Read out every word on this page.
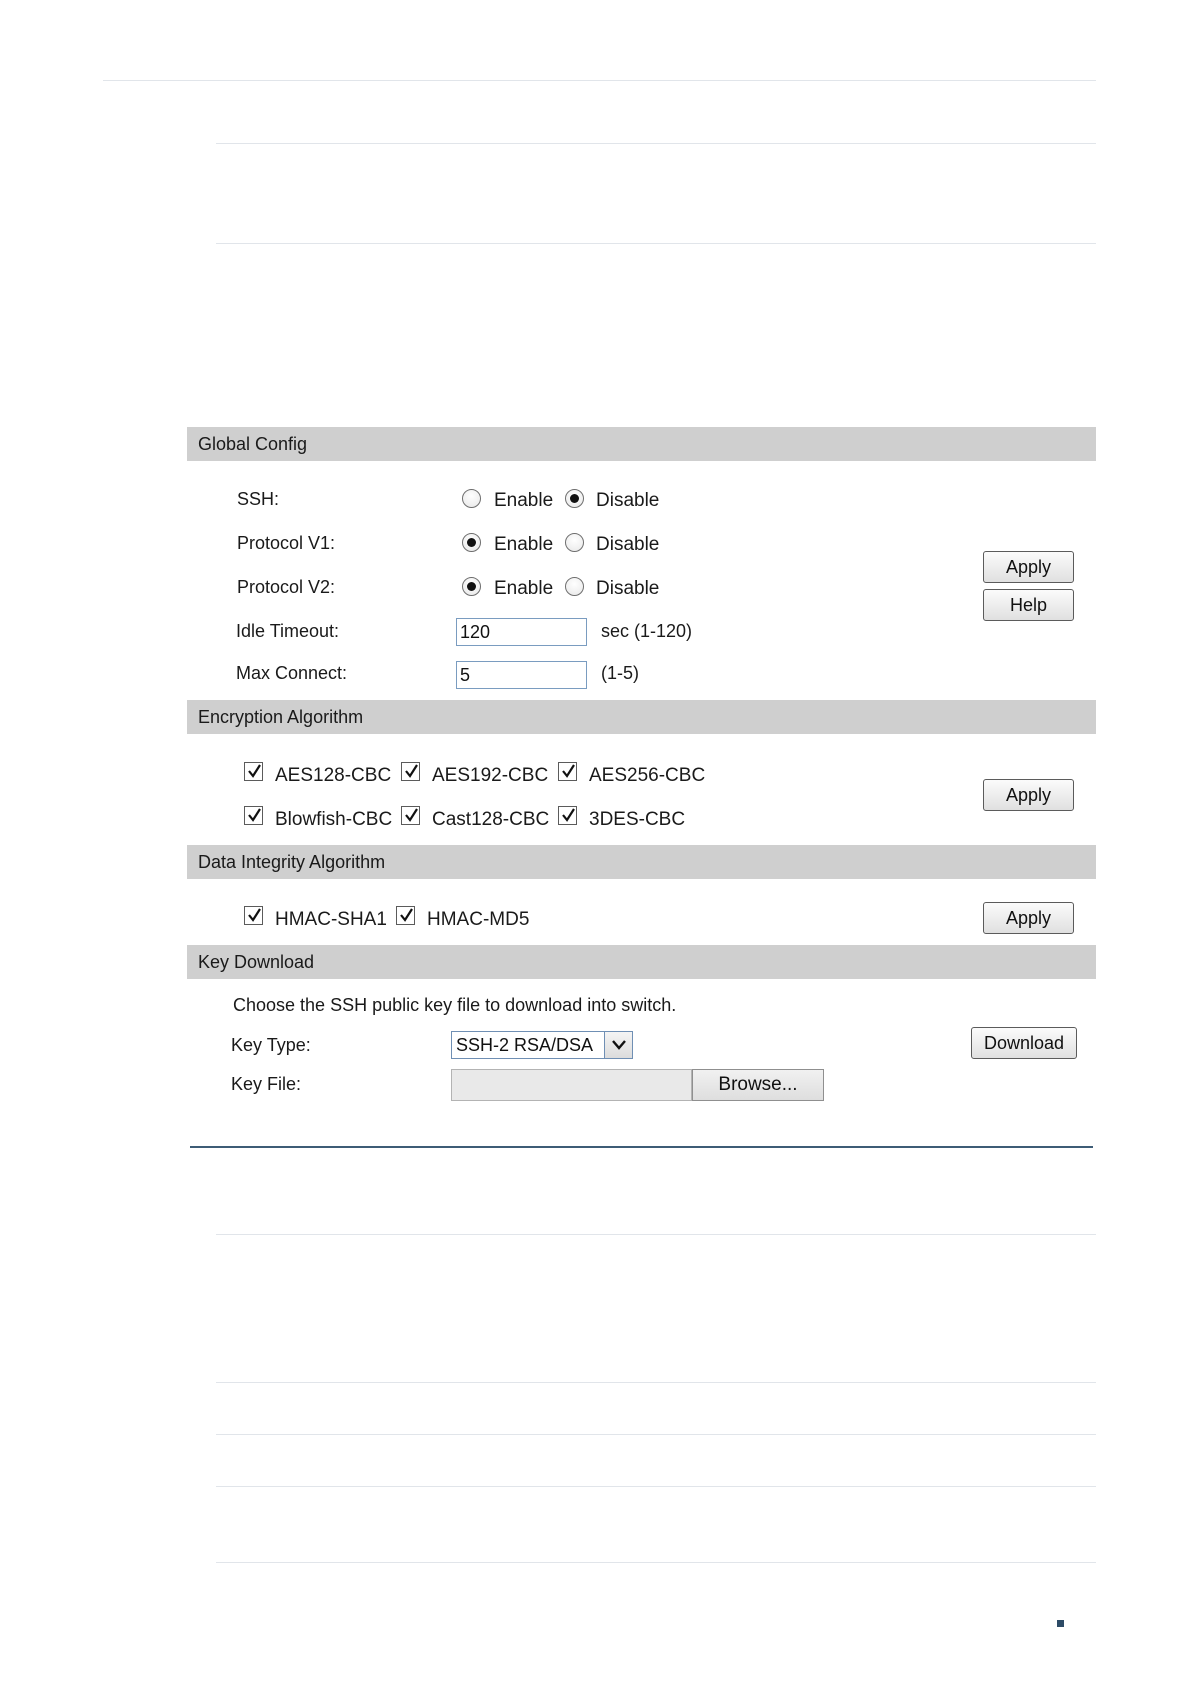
Global Config
SSH:	Enable Disable
Protocol V1:	Enable Disable
Protocol V2:	Enable Disable
Idle Timeout:
120	sec (1-120)
Max Connect:
5	(1-5)
Apply
Help
Encryption Algorithm
AES128-CBC AES192-CBC AES256-CBC
Blowfish-CBC Cast128-CBC 3DES-CBC
Apply
Data Integrity Algorithm
HMAC-SHA1 HMAC-MD5	Apply
Key Download
Choose the SSH public key file to download into switch.
Key Type:	SSH-2 RSA/DSA
Key File:	Browse...
Download
